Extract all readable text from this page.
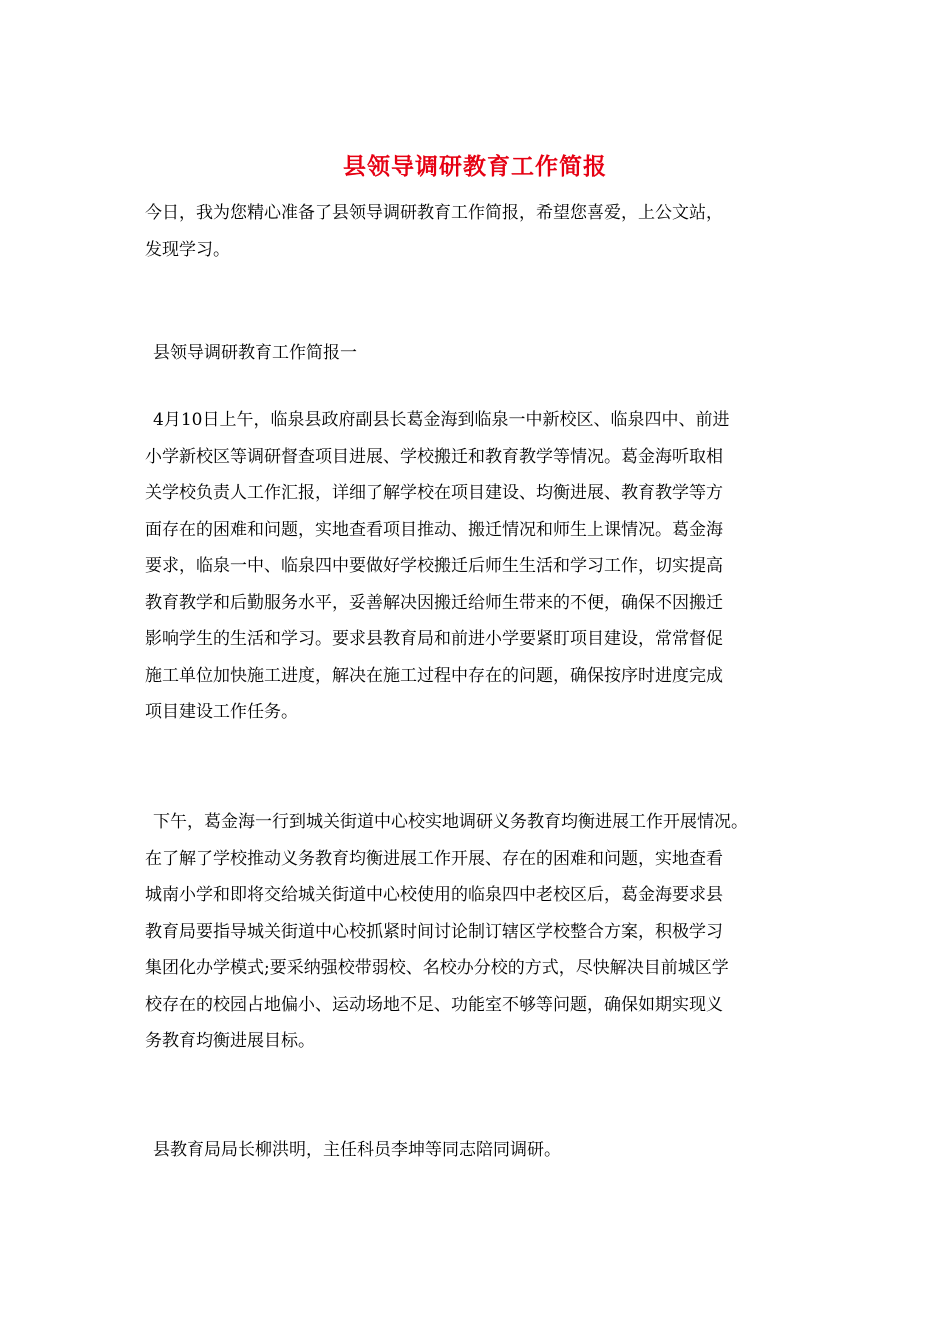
县领导调研教育工作简报
今日，我为您精心准备了县领导调研教育工作简报，希望您喜爱，上公文站，
发现学习。
县领导调研教育工作简报一
4月10日上午，临泉县政府副县长葛金海到临泉一中新校区、临泉四中、前进
小学新校区等调研督查项目进展、学校搬迁和教育教学等情况。葛金海听取相
关学校负责人工作汇报，详细了解学校在项目建设、均衡进展、教育教学等方
面存在的困难和问题，实地查看项目推动、搬迁情况和师生上课情况。葛金海
要求，临泉一中、临泉四中要做好学校搬迁后师生生活和学习工作，切实提高
教育教学和后勤服务水平，妥善解决因搬迁给师生带来的不便，确保不因搬迁
影响学生的生活和学习。要求县教育局和前进小学要紧盯项目建设，常常督促
施工单位加快施工进度，解决在施工过程中存在的问题，确保按序时进度完成
项目建设工作任务。
下午，葛金海一行到城关街道中心校实地调研义务教育均衡进展工作开展情况。
在了解了学校推动义务教育均衡进展工作开展、存在的困难和问题，实地查看
城南小学和即将交给城关街道中心校使用的临泉四中老校区后，葛金海要求县
教育局要指导城关街道中心校抓紧时间讨论制订辖区学校整合方案，积极学习
集团化办学模式;要采纳强校带弱校、名校办分校的方式，尽快解决目前城区学
校存在的校园占地偏小、运动场地不足、功能室不够等问题，确保如期实现义
务教育均衡进展目标。
县教育局局长柳洪明，主任科员李坤等同志陪同调研。
